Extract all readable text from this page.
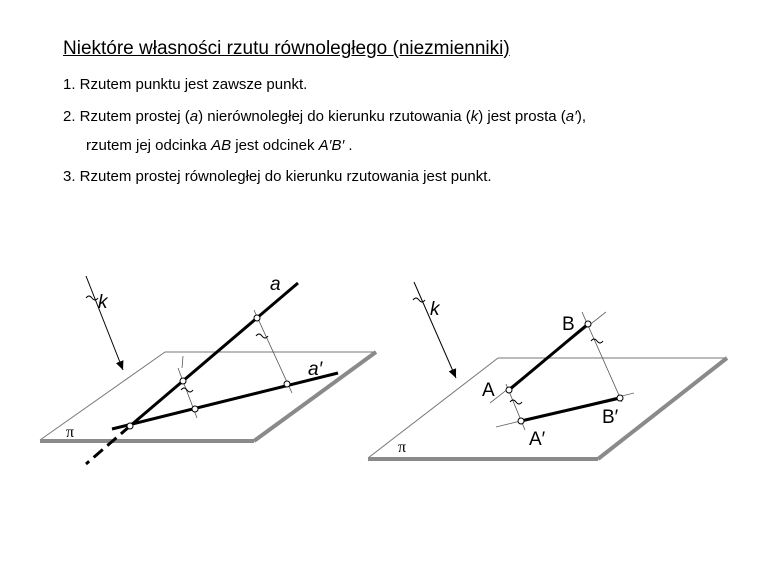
Niektóre własności rzutu równoległego (niezmienniki)
1. Rzutem punktu jest zawsze punkt.
2. Rzutem prostej (a) nierównoległej do kierunku rzutowania (k) jest prosta (a′),
rzutem jej odcinka AB jest odcinek A′B′ .
3. Rzutem prostej równoległej do kierunku rzutowania jest punkt.
k
a
a′
π
k
B
A
B′
A′
π
